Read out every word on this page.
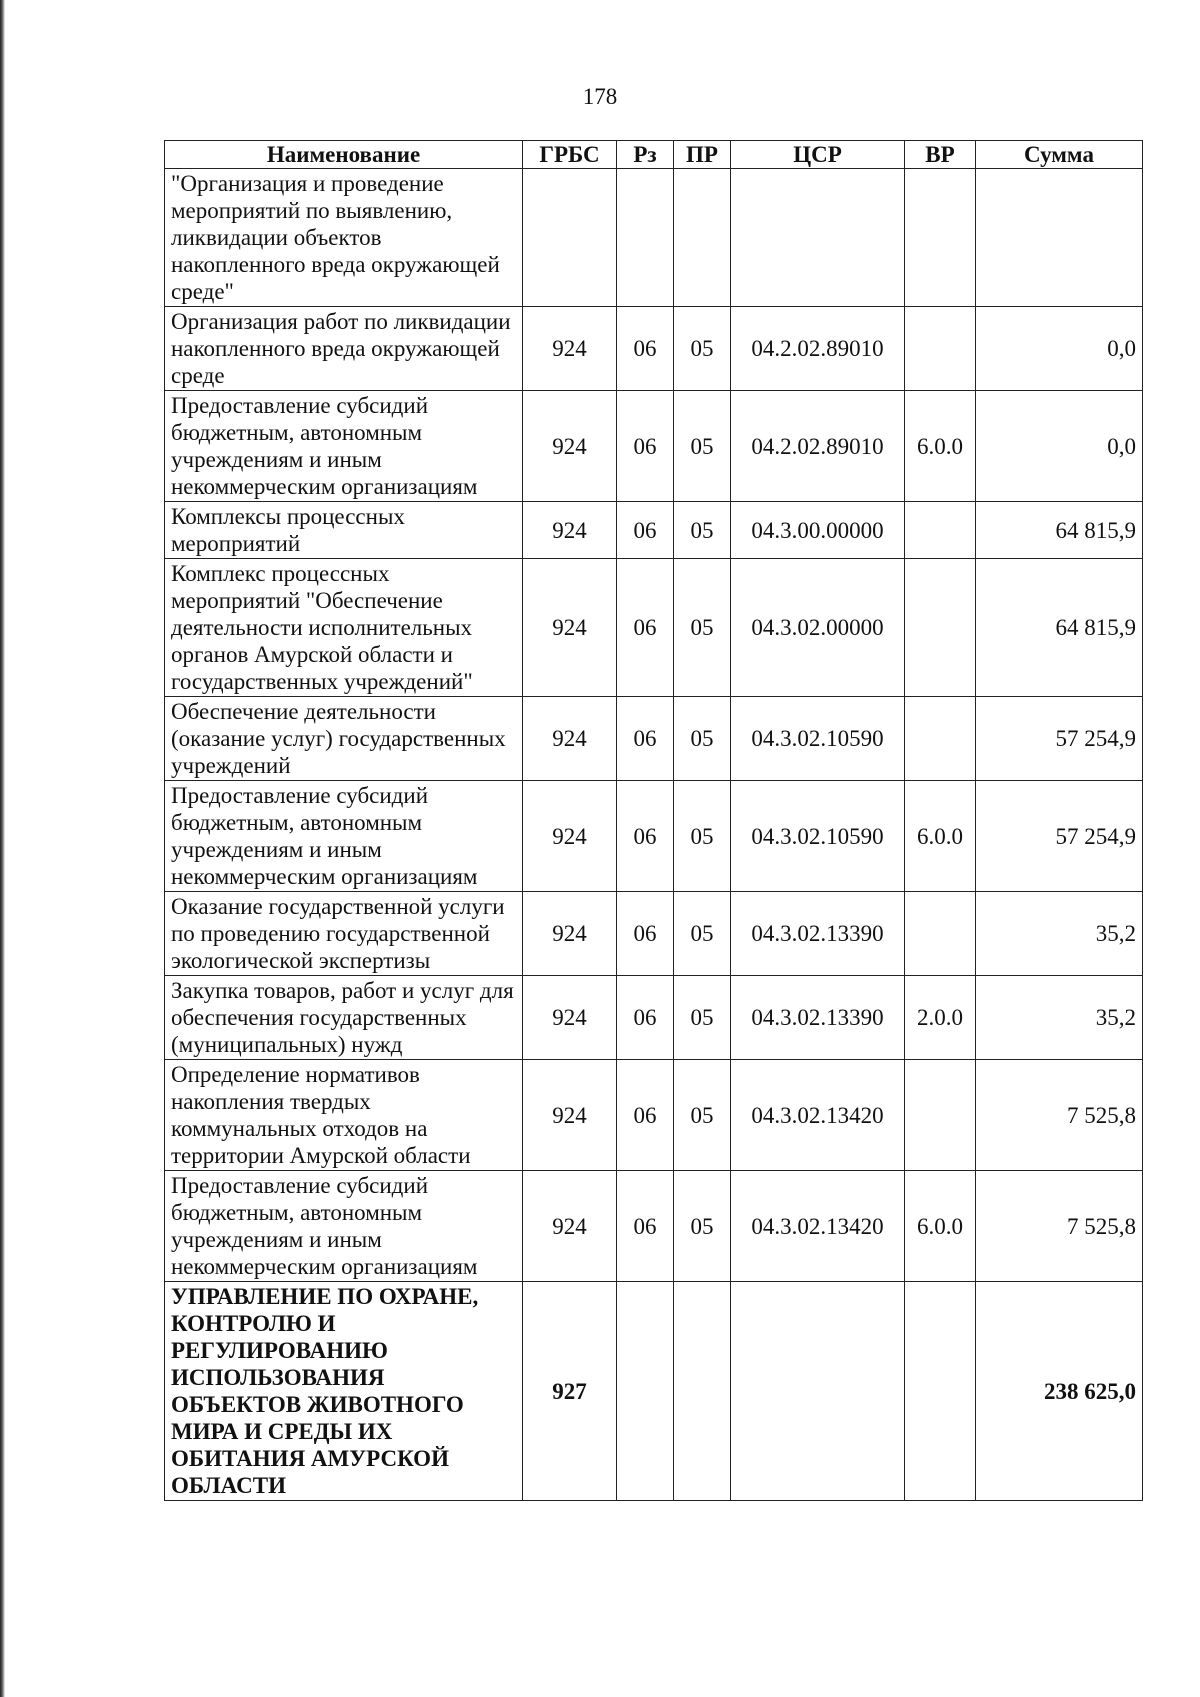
178
Наименование	ГРБС	Рз	ПР	ЦСР	ВР	Сумма
"Организация и проведение мероприятий по выявлению, ликвидации объектов накопленного вреда окружающей среде"						
Организация работ по ликвидации накопленного вреда окружающей среде	924	06	05	04.2.02.89010		0,0
Предоставление субсидий бюджетным, автономным учреждениям и иным некоммерческим организациям	924	06	05	04.2.02.89010	6.0.0	0,0
Комплексы процессных мероприятий	924	06	05	04.3.00.00000		64 815,9
Комплекс процессных мероприятий "Обеспечение деятельности исполнительных органов Амурской области и государственных учреждений"	924	06	05	04.3.02.00000		64 815,9
Обеспечение деятельности (оказание услуг) государственных учреждений	924	06	05	04.3.02.10590		57 254,9
Предоставление субсидий бюджетным, автономным учреждениям и иным некоммерческим организациям	924	06	05	04.3.02.10590	6.0.0	57 254,9
Оказание государственной услуги по проведению государственной экологической экспертизы	924	06	05	04.3.02.13390		35,2
Закупка товаров, работ и услуг для обеспечения государственных (муниципальных) нужд	924	06	05	04.3.02.13390	2.0.0	35,2
Определение нормативов накопления твердых коммунальных отходов на территории Амурской области	924	06	05	04.3.02.13420		7 525,8
Предоставление субсидий бюджетным, автономным учреждениям и иным некоммерческим организациям	924	06	05	04.3.02.13420	6.0.0	7 525,8
УПРАВЛЕНИЕ ПО ОХРАНЕ, КОНТРОЛЮ И РЕГУЛИРОВАНИЮ ИСПОЛЬЗОВАНИЯ ОБЪЕКТОВ ЖИВОТНОГО МИРА И СРЕДЫ ИХ ОБИТАНИЯ АМУРСКОЙ ОБЛАСТИ	927					238 625,0
